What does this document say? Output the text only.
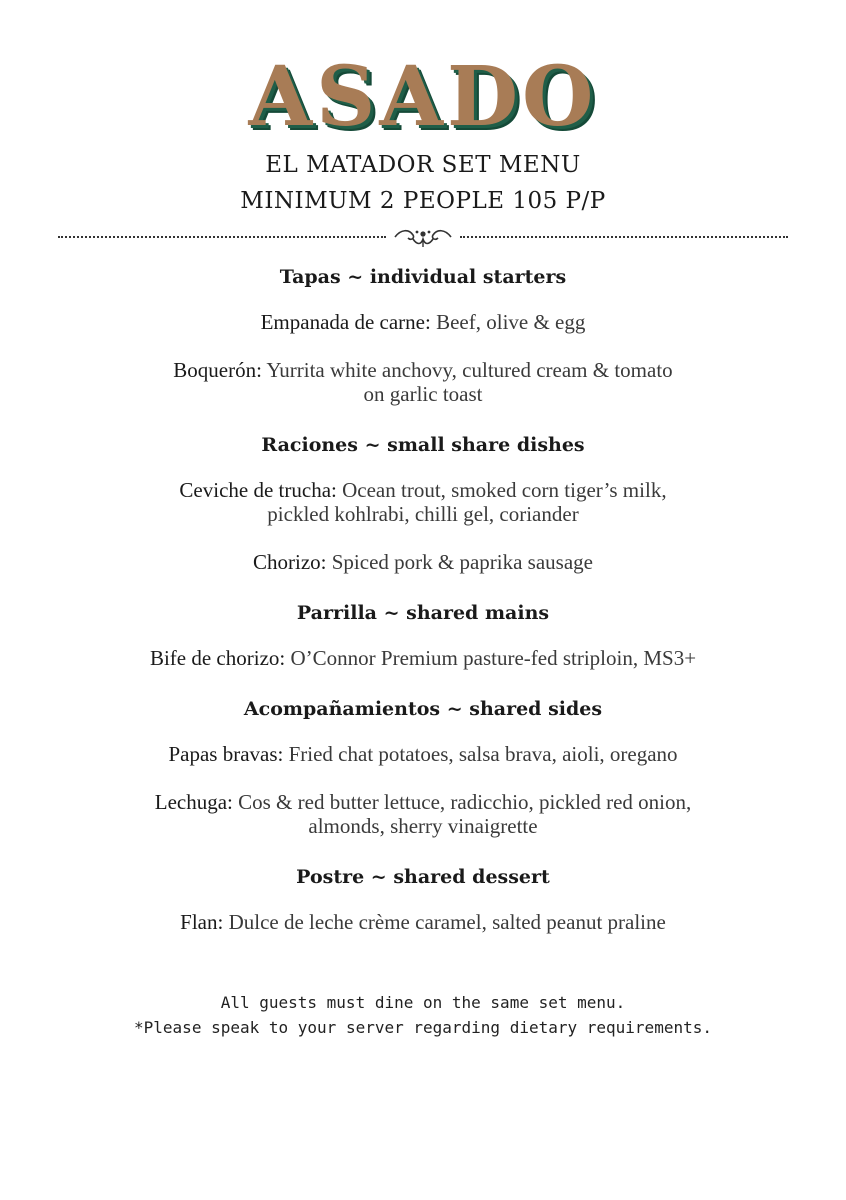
ASADO
EL MATADOR SET MENU
MINIMUM 2 PEOPLE 105 P/P
Tapas ~ individual starters
Empanada de carne: Beef, olive & egg
Boquerón: Yurrita white anchovy, cultured cream & tomato
on garlic toast
Raciones ~ small share dishes
Ceviche de trucha: Ocean trout, smoked corn tiger’s milk,
pickled kohlrabi, chilli gel, coriander
Chorizo: Spiced pork & paprika sausage
Parrilla ~ shared mains
Bife de chorizo: O’Connor Premium pasture-fed striploin, MS3+
Acompañamientos ~ shared sides
Papas bravas: Fried chat potatoes, salsa brava, aioli, oregano
Lechuga: Cos & red butter lettuce, radicchio, pickled red onion,
almonds, sherry vinaigrette
Postre ~ shared dessert
Flan: Dulce de leche crème caramel, salted peanut praline
All guests must dine on the same set menu.
*Please speak to your server regarding dietary requirements.
